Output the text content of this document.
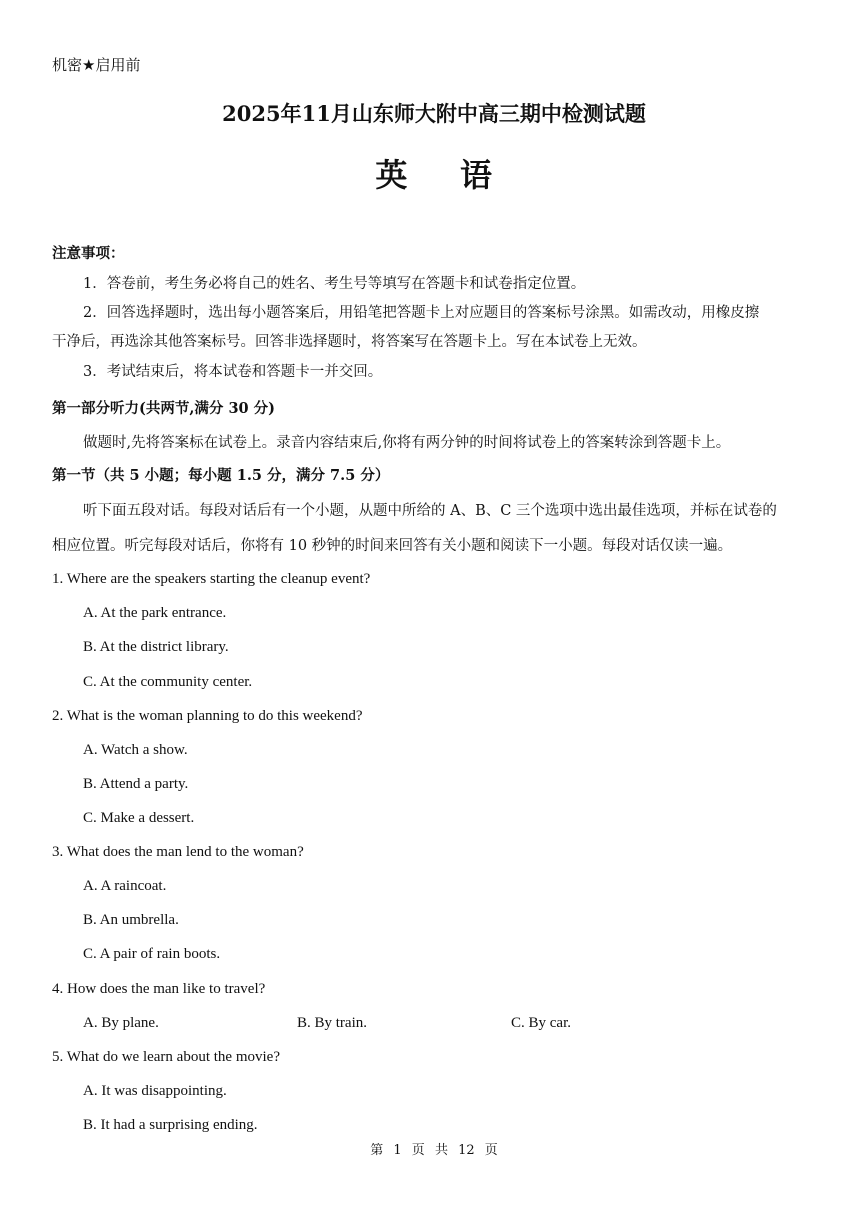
机密★启用前
2025年11月山东师大附中高三期中检测试题
英 语
注意事项：
1．答卷前，考生务必将自己的姓名、考生号等填写在答题卡和试卷指定位置。
2．回答选择题时，选出每小题答案后，用铅笔把答题卡上对应题目的答案标号涂黑。如需改动，用橡皮擦
干净后，再选涂其他答案标号。回答非选择题时，将答案写在答题卡上。写在本试卷上无效。
3．考试结束后，将本试卷和答题卡一并交回。
第一部分听力(共两节,满分 30 分)
做题时,先将答案标在试卷上。录音内容结束后,你将有两分钟的时间将试卷上的答案转涂到答题卡上。
第一节（共 5 小题；每小题 1.5 分，满分 7.5 分）
听下面五段对话。每段对话后有一个小题，从题中所给的 A、B、C 三个选项中选出最佳选项，并标在试卷的
相应位置。听完每段对话后，你将有 10 秒钟的时间来回答有关小题和阅读下一小题。每段对话仅读一遍。
1. Where are the speakers starting the cleanup event?
A. At the park entrance.
B. At the district library.
C. At the community center.
2. What is the woman planning to do this weekend?
A. Watch a show.
B. Attend a party.
C. Make a dessert.
3. What does the man lend to the woman?
A. A raincoat.
B. An umbrella.
C. A pair of rain boots.
4. How does the man like to travel?
A. By plane.	B. By train.	C. By car.
5. What do we learn about the movie?
A. It was disappointing.
B. It had a surprising ending.
第 1 页 共 12 页
